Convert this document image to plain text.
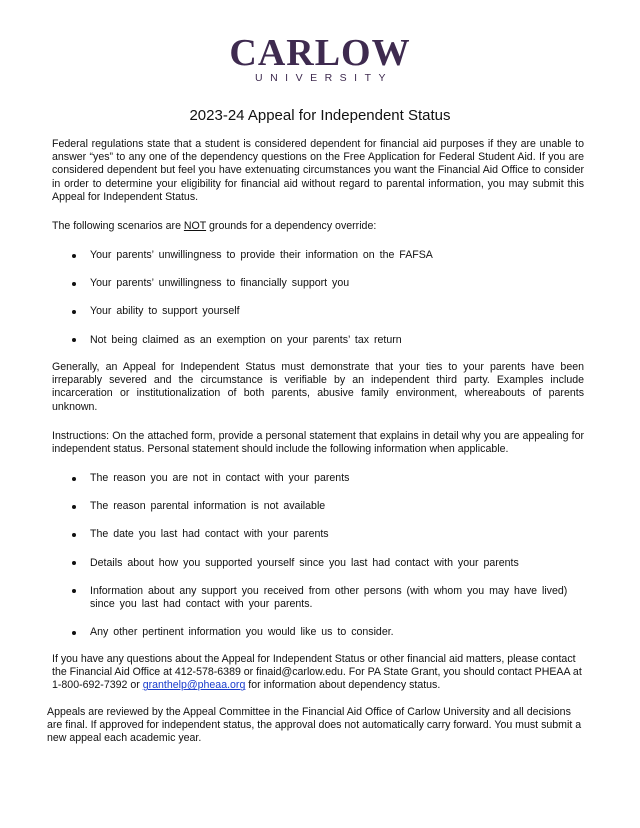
CARLOW
UNIVERSITY
2023-24 Appeal for Independent Status

Federal regulations state that a student is considered dependent for financial aid purposes if they are unable to answer “yes” to any one of the dependency questions on the Free Application for Federal Student Aid. If you are considered dependent but feel you have extenuating circumstances you want the Financial Aid Office to consider in order to determine your eligibility for financial aid without regard to parental information, you may submit this Appeal for Independent Status.

The following scenarios are NOT grounds for a dependency override:

Your parents’ unwillingness to provide their information on the FAFSA
Your parents’ unwillingness to financially support you
Your ability to support yourself
Not being claimed as an exemption on your parents’ tax return

Generally, an Appeal for Independent Status must demonstrate that your ties to your parents have been irreparably severed and the circumstance is verifiable by an independent third party. Examples include incarceration or institutionalization of both parents, abusive family environment, whereabouts of parents unknown.

Instructions: On the attached form, provide a personal statement that explains in detail why you are appealing for independent status. Personal statement should include the following information when applicable.

The reason you are not in contact with your parents
The reason parental information is not available
The date you last had contact with your parents
Details about how you supported yourself since you last had contact with your parents
Information about any support you received from other persons (with whom you may have lived) since you last had contact with your parents.
Any other pertinent information you would like us to consider.

If you have any questions about the Appeal for Independent Status or other financial aid matters, please contact the Financial Aid Office at 412-578-6389 or finaid@carlow.edu. For PA State Grant, you should contact PHEAA at 1-800-692-7392 or granthelp@pheaa.org for information about dependency status.

Appeals are reviewed by the Appeal Committee in the Financial Aid Office of Carlow University and all decisions are final. If approved for independent status, the approval does not automatically carry forward. You must submit a new appeal each academic year.
